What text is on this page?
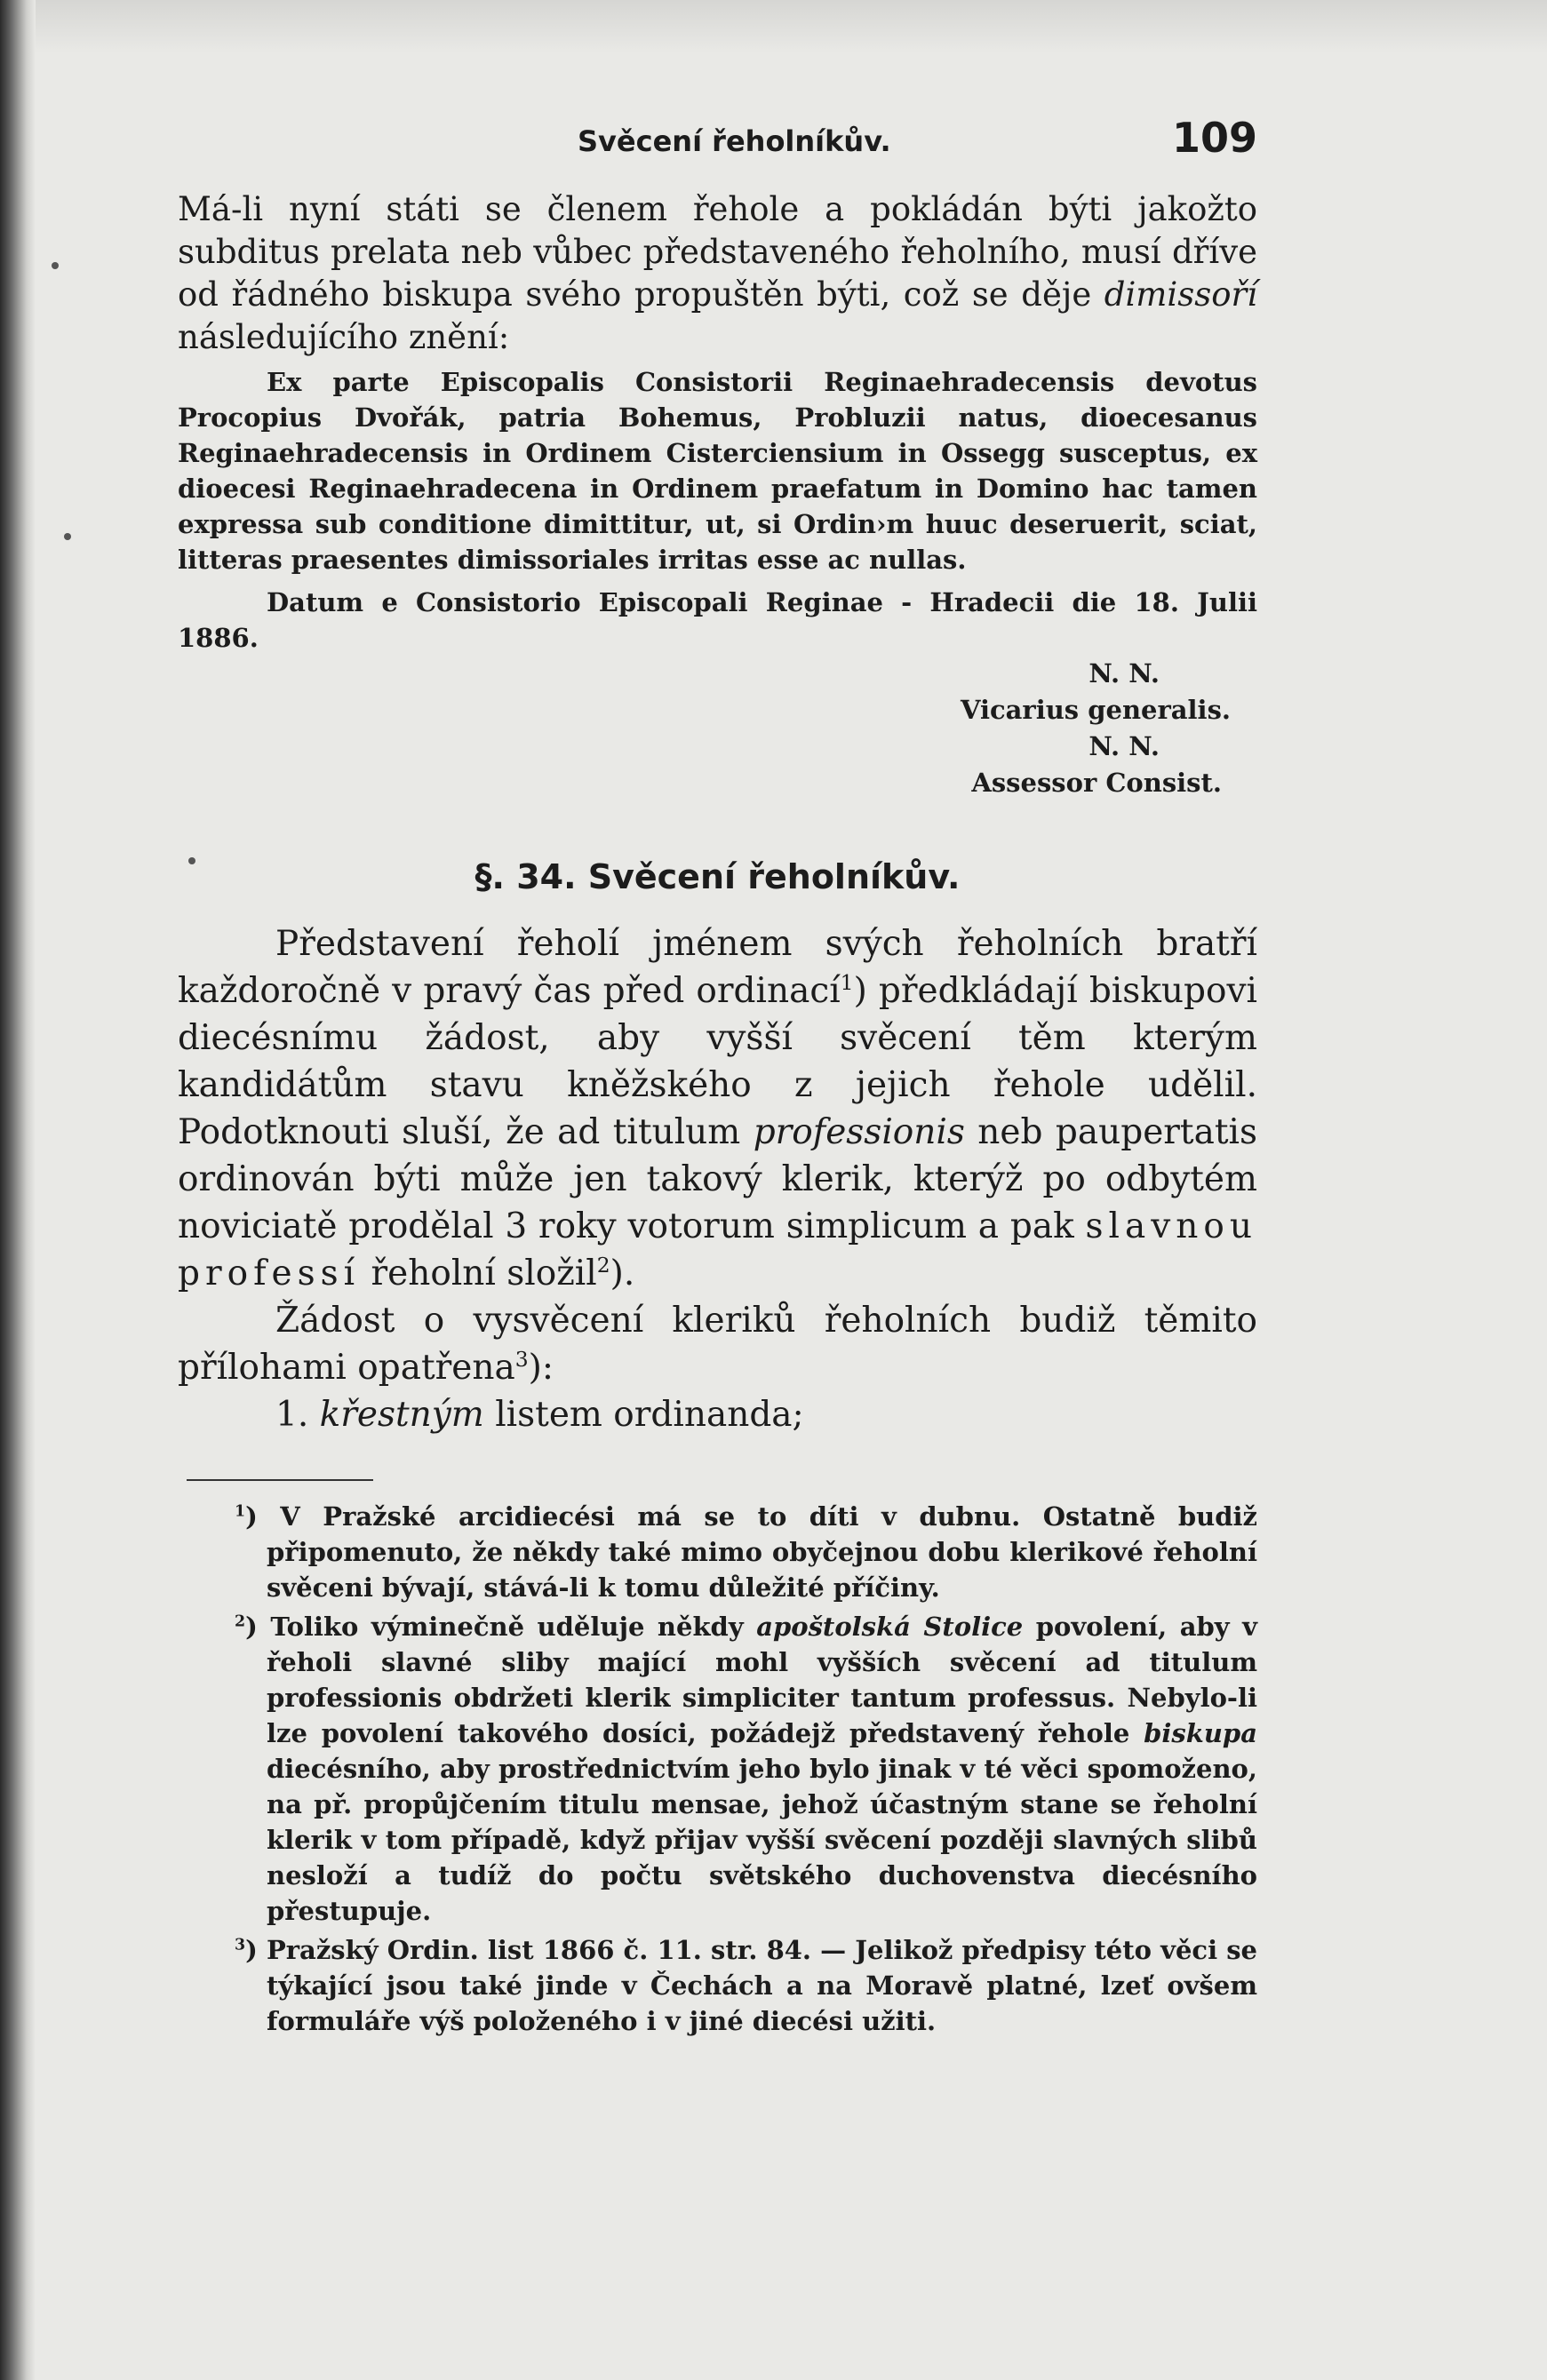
Svěcení řeholníkův.	109

Má-li nyní státi se členem řehole a pokládán býti jakožto subditus prelata neb vůbec představeného řeholního, musí dříve od řádného biskupa svého propuštěn býti, což se děje dimissoří následujícího znění:

Ex parte Episcopalis Consistorii Reginaehradecensis devotus Procopius Dvořák, patria Bohemus, Probluzii natus, dioecesanus Reginaehradecensis in Ordinem Cisterciensium in Ossegg susceptus, ex dioecesi Reginaehradecena in Ordinem praefatum in Domino hac tamen expressa sub conditione dimittitur, ut, si Ordin›m huuc deseruerit, sciat, litteras praesentes dimissoriales irritas esse ac nullas.

Datum e Consistorio Episcopali Reginae - Hradecii die 18. Julii 1886.

N. N.
Vicarius generalis.
N. N.
Assessor Consist.
§. 34. Svěcení řeholníkův.

Představení řeholí jménem svých řeholních bratří každoročně v pravý čas před ordinací$^1$) předkládají biskupovi diecésnímu žádost, aby vyšší svěcení těm kterým kandidátům stavu kněžského z jejich řehole udělil. Podotknouti sluší, že ad titulum professionis neb paupertatis ordinován býti může jen takový klerik, kterýž po odbytém noviciatě prodělal 3 roky votorum simplicum a pak slavnou professí řeholní složil$^2$).

Žádost o vysvěcení kleriků řeholních budiž těmito přílohami opatřena$^3$):

1. křestným listem ordinanda;

$^1$) V Pražské arcidiecési má se to díti v dubnu. Ostatně budiž připomenuto, že někdy také mimo obyčejnou dobu klerikové řeholní svěceni bývají, stává-li k tomu důležité příčiny.

$^2$) Toliko výminečně uděluje někdy apoštolská Stolice povolení, aby v řeholi slavné sliby mající mohl vyšších svěcení ad titulum professionis obdržeti klerik simpliciter tantum professus. Nebylo-li lze povolení takového dosíci, požádejž představený řehole biskupa diecésního, aby prostřednictvím jeho bylo jinak v té věci spomoženo, na př. propůjčením titulu mensae, jehož účastným stane se řeholní klerik v tom případě, když přijav vyšší svěcení později slavných slibů nesloží a tudíž do počtu světského duchovenstva diecésního přestupuje.

$^3$) Pražský Ordin. list 1866 č. 11. str. 84. — Jelikož předpisy této věci se týkající jsou také jinde v Čechách a na Moravě platné, lzeť ovšem formuláře výš položeného i v jiné diecési užiti.
